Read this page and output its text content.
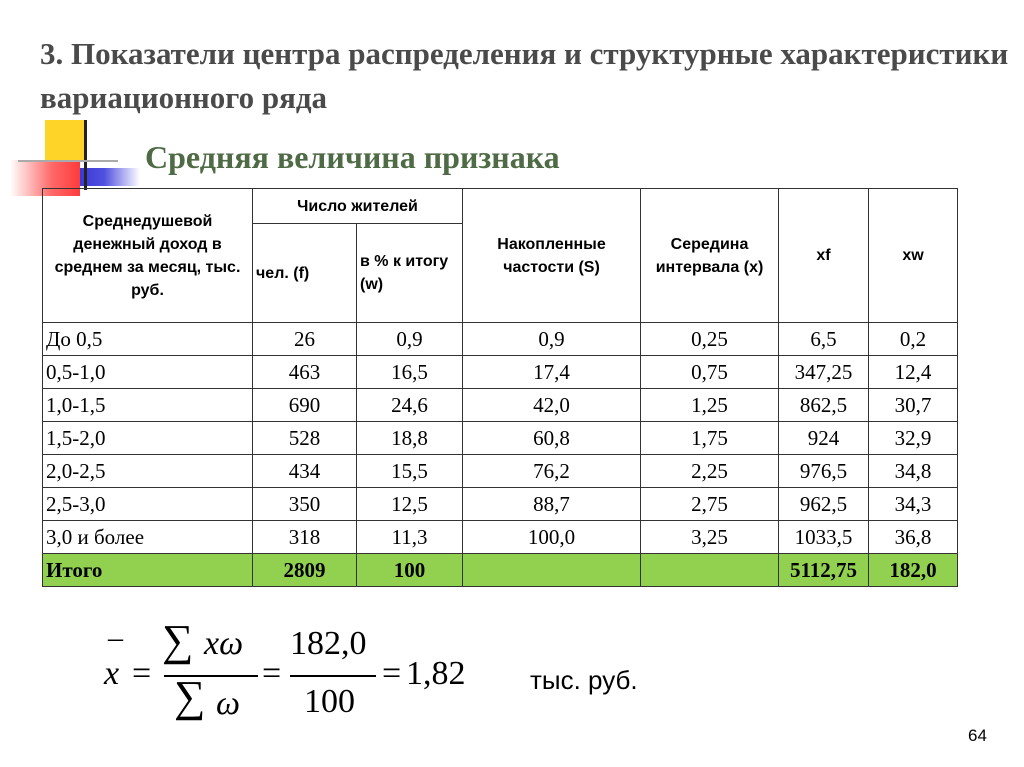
3. Показатели центра распределения и структурные характеристики вариационного ряда
Средняя величина признака
Среднедушевой денежный доход в среднем за месяц, тыс. руб.	Число жителей		Накопленные частости (S)	Середина интервала (x)	xf	xw
	чел. (f)	в % к итогу (w)				
До 0,5	26	0,9	0,9	0,25	6,5	0,2
0,5-1,0	463	16,5	17,4	0,75	347,25	12,4
1,0-1,5	690	24,6	42,0	1,25	862,5	30,7
1,5-2,0	528	18,8	60,8	1,75	924	32,9
2,0-2,5	434	15,5	76,2	2,25	976,5	34,8
2,5-3,0	350	12,5	88,7	2,75	962,5	34,3
3,0 и более	318	11,3	100,0	3,25	1033,5	36,8
Итого	2809	100			5112,75	182,0
–
x =
∑ xω
∑ ω
=
182,0
100
= 1,82 тыс. руб.
64
